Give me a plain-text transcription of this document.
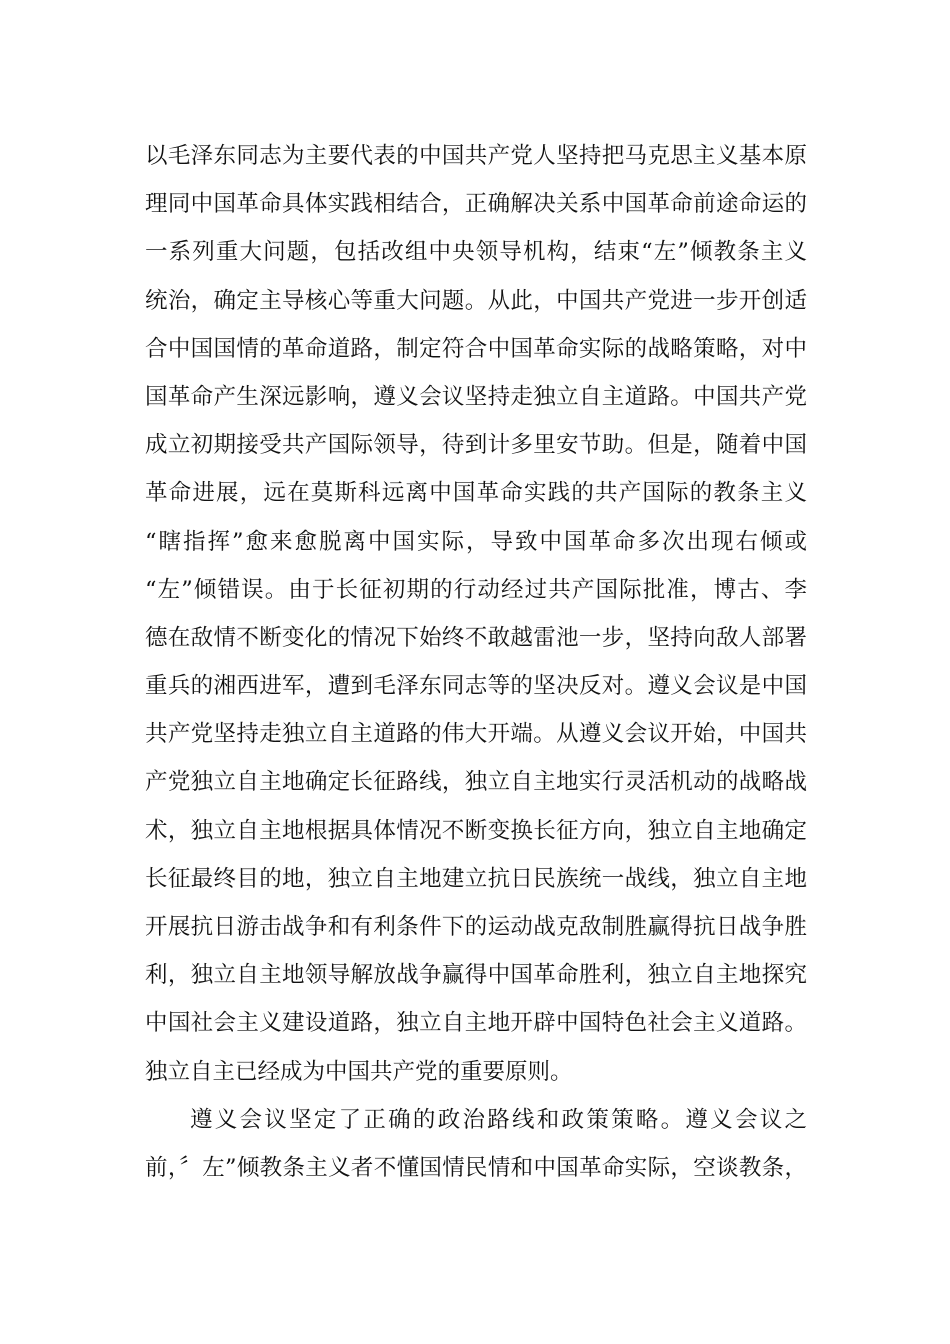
以毛泽东同志为主要代表的中国共产党人坚持把马克思主义基本原
理同中国革命具体实践相结合，正确解决关系中国革命前途命运的
一系列重大问题，包括改组中央领导机构，结束“左”倾教条主义
统治，确定主导核心等重大问题。从此，中国共产党进一步开创适
合中国国情的革命道路，制定符合中国革命实际的战略策略，对中
国革命产生深远影响，遵义会议坚持走独立自主道路。中国共产党
成立初期接受共产国际领导，待到计多里安节助。但是，随着中国
革命进展，远在莫斯科远离中国革命实践的共产国际的教条主义
“瞎指挥”愈来愈脱离中国实际，导致中国革命多次出现右倾或
“左”倾错误。由于长征初期的行动经过共产国际批准，博古、李
德在敌情不断变化的情况下始终不敢越雷池一步，坚持向敌人部署
重兵的湘西进军，遭到毛泽东同志等的坚决反对。遵义会议是中国
共产党坚持走独立自主道路的伟大开端。从遵义会议开始，中国共
产党独立自主地确定长征路线，独立自主地实行灵活机动的战略战
术，独立自主地根据具体情况不断变换长征方向，独立自主地确定
长征最终目的地，独立自主地建立抗日民族统一战线，独立自主地
开展抗日游击战争和有利条件下的运动战克敌制胜赢得抗日战争胜
利，独立自主地领导解放战争赢得中国革命胜利，独立自主地探究
中国社会主义建设道路，独立自主地开辟中国特色社会主义道路。
独立自主已经成为中国共产党的重要原则。
遵义会议坚定了正确的政治路线和政策策略。遵义会议之
前，〞左”倾教条主义者不懂国情民情和中国革命实际，空谈教条，
